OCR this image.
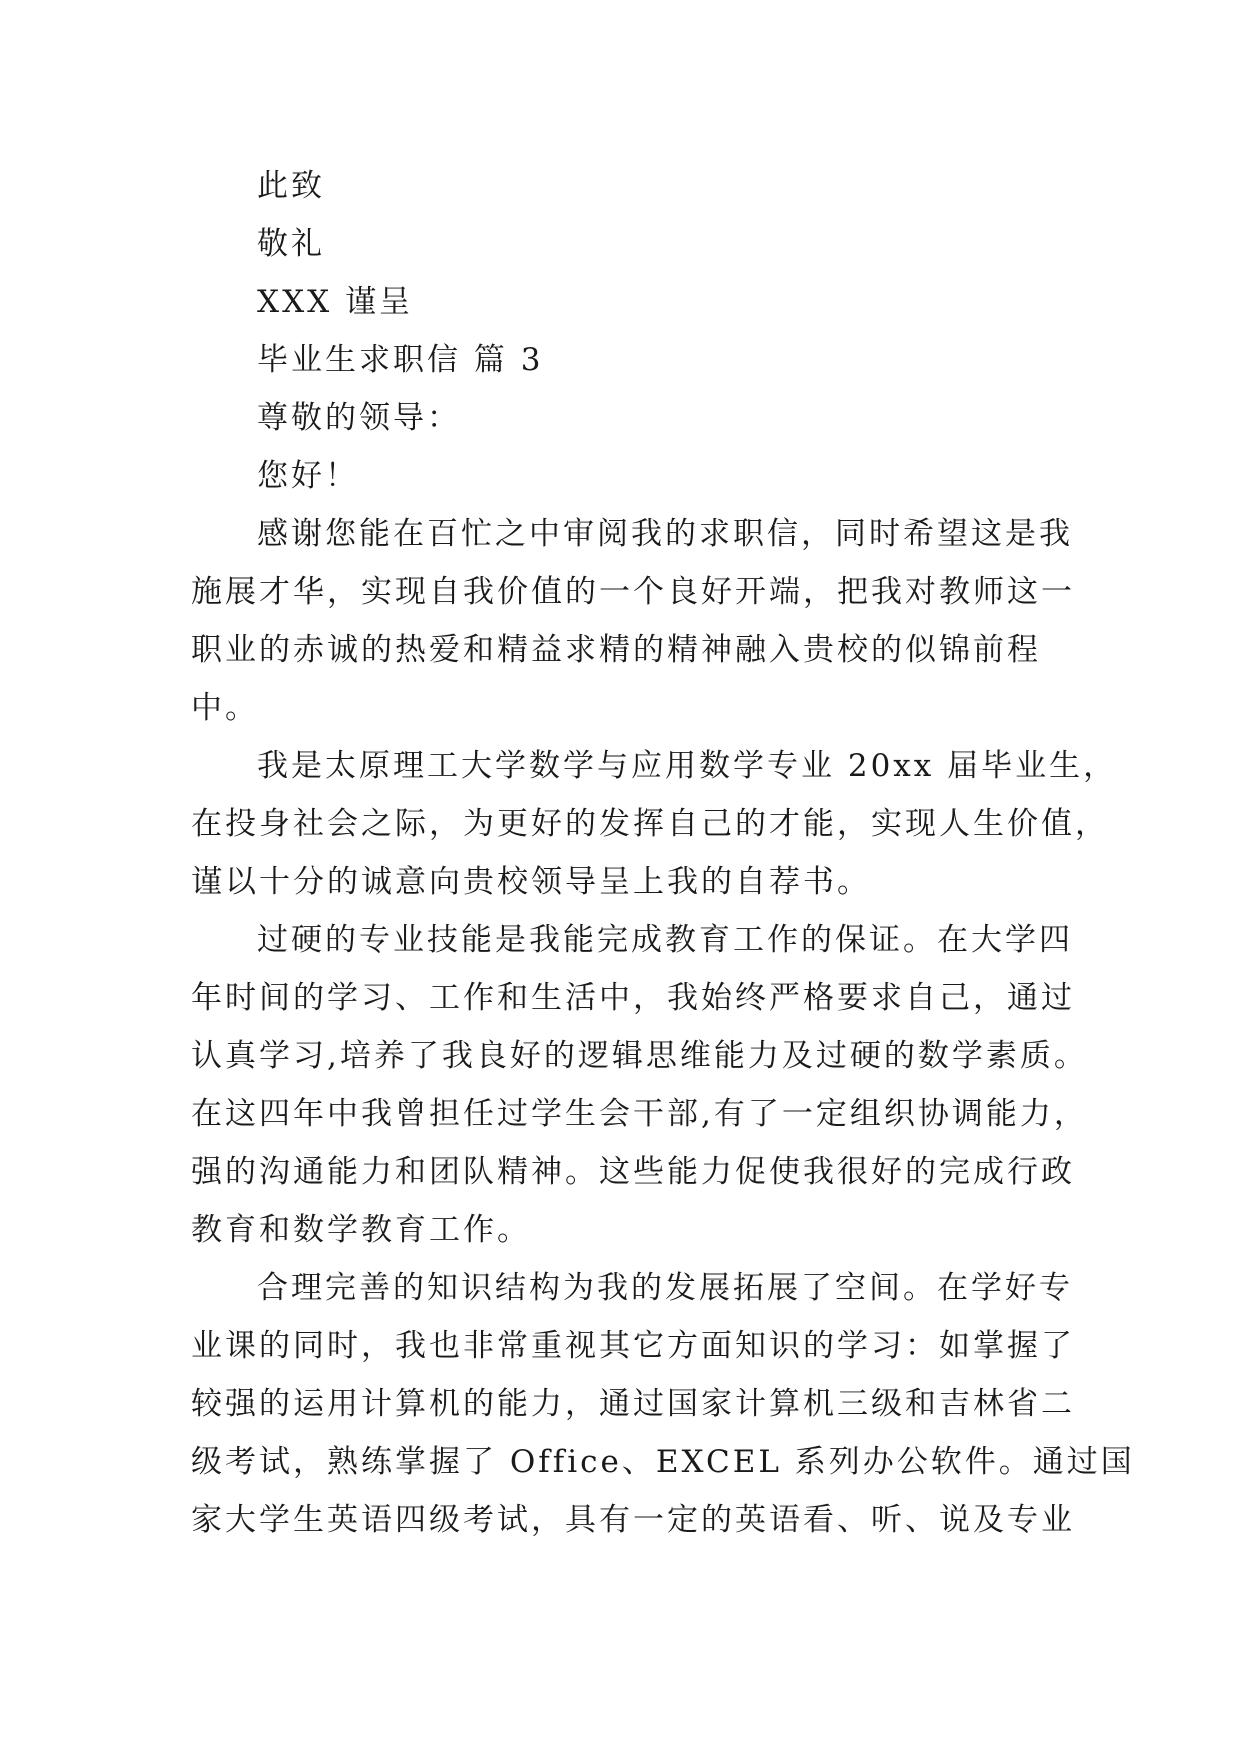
此致
敬礼
XXX 谨呈
毕业生求职信 篇 3
尊敬的领导：
您好！
感谢您能在百忙之中审阅我的求职信，同时希望这是我
施展才华，实现自我价值的一个良好开端，把我对教师这一
职业的赤诚的热爱和精益求精的精神融入贵校的似锦前程
中。
我是太原理工大学数学与应用数学专业 20xx 届毕业生，
在投身社会之际，为更好的发挥自己的才能，实现人生价值，
谨以十分的诚意向贵校领导呈上我的自荐书。
过硬的专业技能是我能完成教育工作的保证。在大学四
年时间的学习、工作和生活中，我始终严格要求自己，通过
认真学习,培养了我良好的逻辑思维能力及过硬的数学素质。
在这四年中我曾担任过学生会干部,有了一定组织协调能力，
强的沟通能力和团队精神。这些能力促使我很好的完成行政
教育和数学教育工作。
合理完善的知识结构为我的发展拓展了空间。在学好专
业课的同时，我也非常重视其它方面知识的学习：如掌握了
较强的运用计算机的能力，通过国家计算机三级和吉林省二
级考试，熟练掌握了 Office、EXCEL 系列办公软件。通过国
家大学生英语四级考试，具有一定的英语看、听、说及专业
